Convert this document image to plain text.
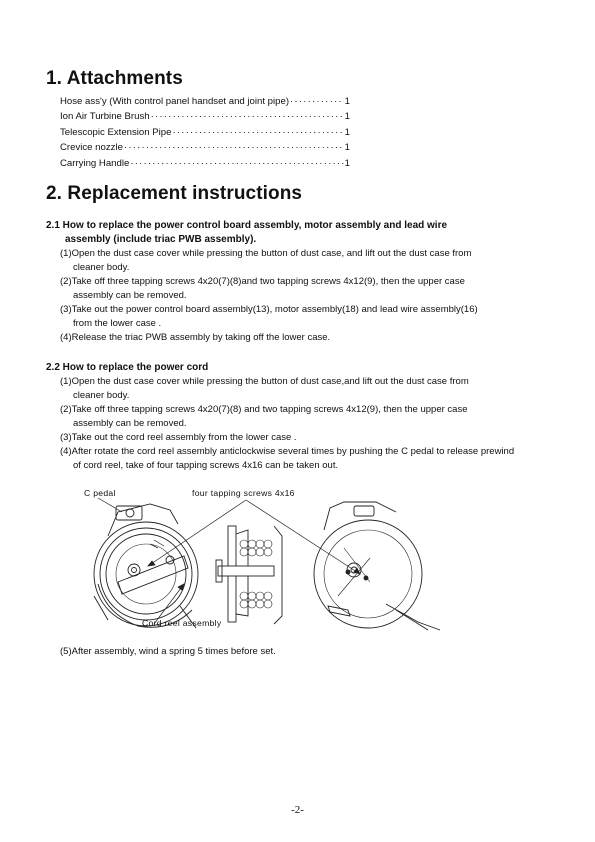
1. Attachments
Hose ass'y (With control panel handset and joint pipe) ·····	1
Ion Air Turbine Brush ·····	1
Telescopic Extension Pipe ·····	1
Crevice nozzle ·····	1
Carrying Handle ·····	1
2. Replacement instructions
2.1 How to replace the power control board assembly, motor assembly and lead wire
assembly (include triac PWB assembly).

(1)Open the dust case cover while pressing the button of dust case, and lift out the dust case from
cleaner body.

(2)Take off three tapping screws 4x20(7)(8)and two tapping screws 4x12(9), then the upper case
assembly can be removed.

(3)Take out the power control board assembly(13), motor assembly(18) and lead wire assembly(16)
from the lower case .

(4)Release the triac PWB assembly by taking off the lower case.

2.2 How to replace the power cord

(1)Open the dust case cover while pressing the button of dust case,and lift out the dust case from
cleaner body.

(2)Take off three tapping screws 4x20(7)(8) and two tapping screws 4x12(9), then the upper case
assembly can be removed.

(3)Take out the cord reel assembly from the lower case .

(4)After rotate the cord reel assembly anticlockwise several times by pushing the C pedal to release prewind
of cord reel, take of four tapping screws 4x16 can be taken out.

C pedal	four tapping screws 4x16
Cord reel assembly
(5)After assembly, wind a spring 5 times before set.
-2-
